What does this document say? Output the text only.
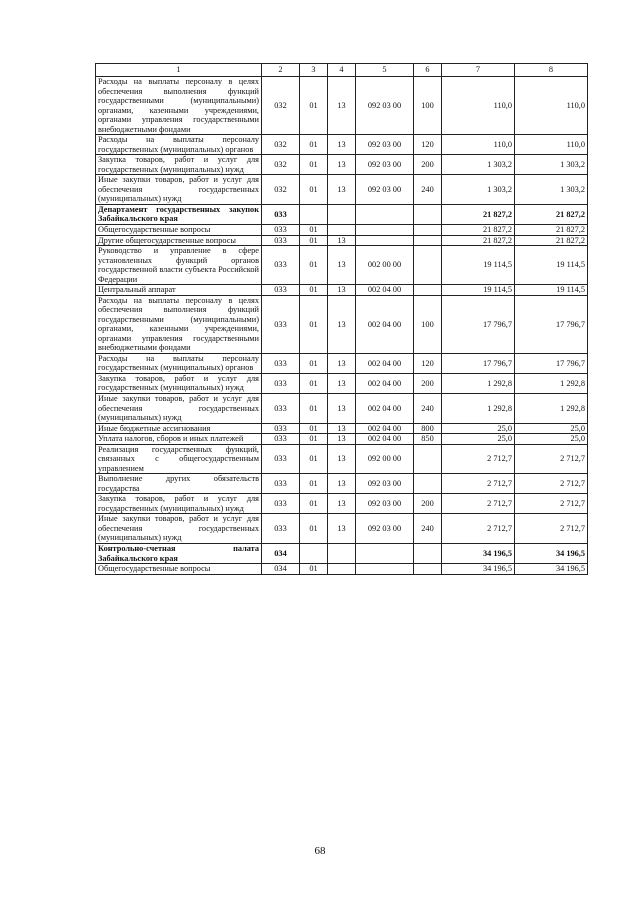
1	2	3	4	5	6	7	8
Расходы на выплаты персоналу в целях обеспечения выполнения функций государственными (муниципальными) органами, казенными учреждениями, органами управления государственными внебюджетными фондами	032	01	13	092 03 00	100	110,0	110,0
Расходы на выплаты персоналу государственных (муниципальных) органов	032	01	13	092 03 00	120	110,0	110,0
Закупка товаров, работ и услуг для государственных (муниципальных) нужд	032	01	13	092 03 00	200	1 303,2	1 303,2
Иные закупки товаров, работ и услуг для обеспечения государственных (муниципальных) нужд	032	01	13	092 03 00	240	1 303,2	1 303,2
Департамент государственных закупок Забайкальского края	033					21 827,2	21 827,2
Общегосударственные вопросы	033	01				21 827,2	21 827,2
Другие общегосударственные вопросы	033	01	13			21 827,2	21 827,2
Руководство и управление в сфере установленных функций органов государственной власти субъекта Российской Федерации	033	01	13	002 00 00		19 114,5	19 114,5
Центральный аппарат	033	01	13	002 04 00		19 114,5	19 114,5
Расходы на выплаты персоналу в целях обеспечения выполнения функций государственными (муниципальными) органами, казенными учреждениями, органами управления государственными внебюджетными фондами	033	01	13	002 04 00	100	17 796,7	17 796,7
Расходы на выплаты персоналу государственных (муниципальных) органов	033	01	13	002 04 00	120	17 796,7	17 796,7
Закупка товаров, работ и услуг для государственных (муниципальных) нужд	033	01	13	002 04 00	200	1 292,8	1 292,8
Иные закупки товаров, работ и услуг для обеспечения государственных (муниципальных) нужд	033	01	13	002 04 00	240	1 292,8	1 292,8
Иные бюджетные ассигнования	033	01	13	002 04 00	800	25,0	25,0
Уплата налогов, сборов и иных платежей	033	01	13	002 04 00	850	25,0	25,0
Реализация государственных функций, связанных с общегосударственным управлением	033	01	13	092 00 00		2 712,7	2 712,7
Выполнение других обязательств государства	033	01	13	092 03 00		2 712,7	2 712,7
Закупка товаров, работ и услуг для государственных (муниципальных) нужд	033	01	13	092 03 00	200	2 712,7	2 712,7
Иные закупки товаров, работ и услуг для обеспечения государственных (муниципальных) нужд	033	01	13	092 03 00	240	2 712,7	2 712,7
Контрольно-счетная палата Забайкальского края	034					34 196,5	34 196,5
Общегосударственные вопросы	034	01				34 196,5	34 196,5
68
